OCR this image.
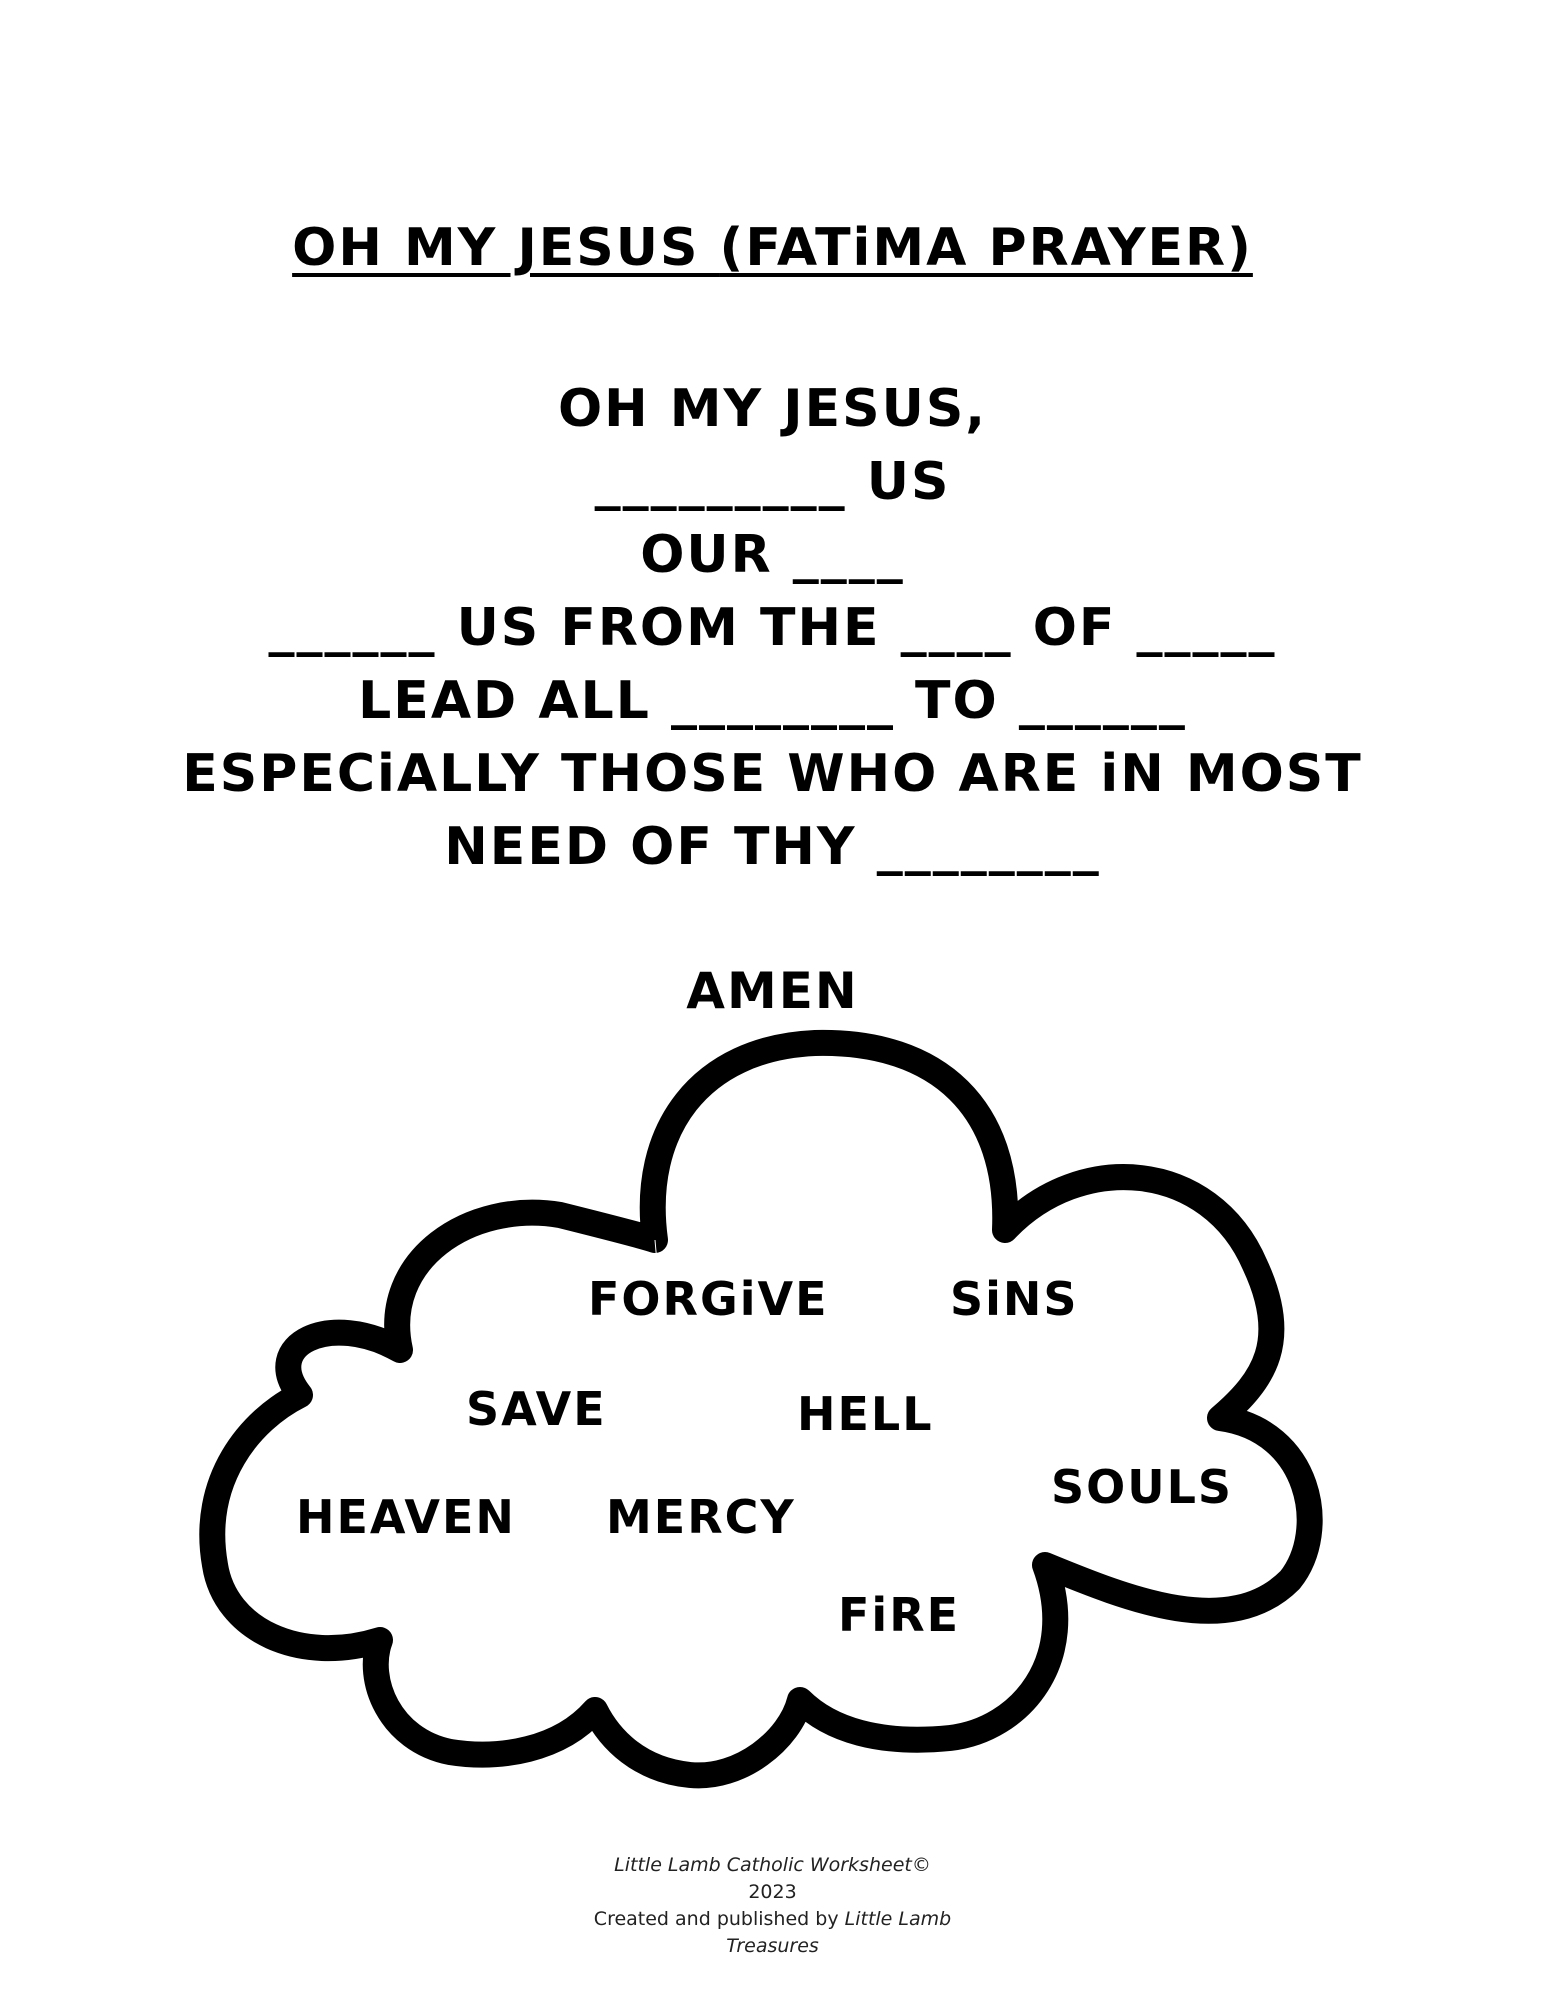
OH MY JESUS (FATiMA PRAYER)
OH MY JESUS,
_________ US
OUR ____
______ US FROM THE ____ OF _____
LEAD ALL ________ TO ______
ESPECiALLY THOSE WHO ARE iN MOST
NEED OF THY ________
AMEN
FORGiVE	SiNS
SAVE	HELL
SOULS
HEAVEN MERCY
FiRE
Little Lamb Catholic Worksheet©
2023
Created and published by Little Lamb
Treasures
